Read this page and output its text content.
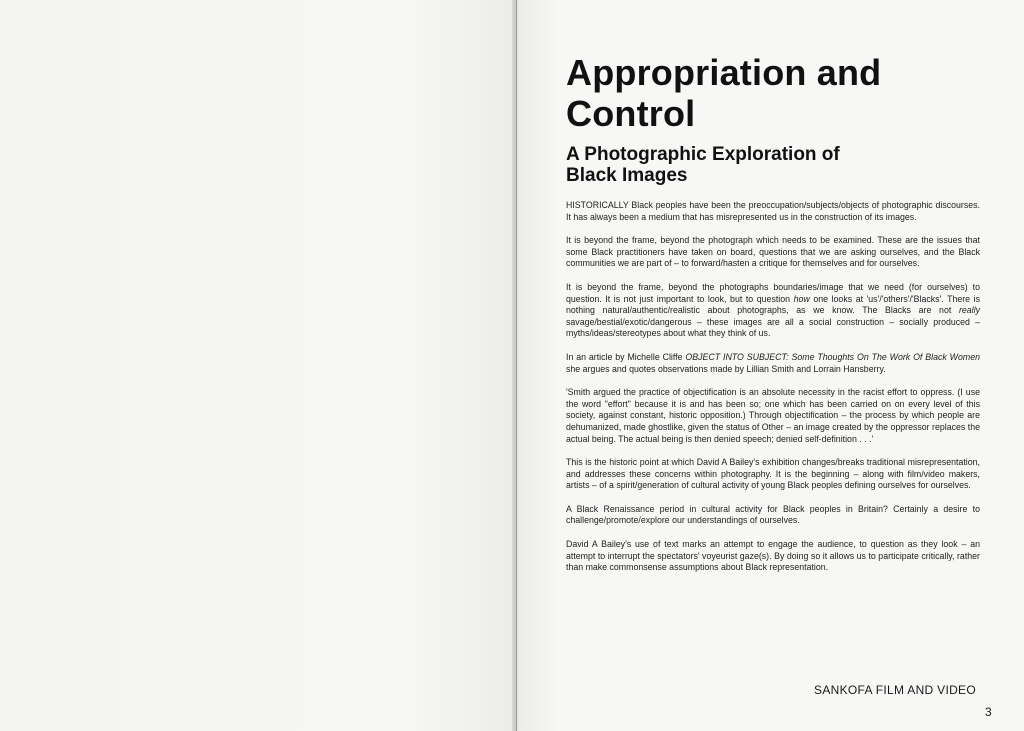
Appropriation and
Control
A Photographic Exploration of
Black Images

HISTORICALLY Black peoples have been the preoccupation/subjects/objects of photographic discourses. It has always been a medium that has misrepresented us in the construction of its images.

It is beyond the frame, beyond the photograph which needs to be examined. These are the issues that some Black practitioners have taken on board, questions that we are asking ourselves, and the Black communities we are part of – to forward/hasten a critique for themselves and for ourselves.

It is beyond the frame, beyond the photographs boundaries/image that we need (for ourselves) to question. It is not just important to look, but to question how one looks at 'us'/'others'/'Blacks'. There is nothing natural/authentic/realistic about photographs, as we know. The Blacks are not really savage/bestial/exotic/dangerous – these images are all a social construction – socially produced – myths/ideas/stereotypes about what they think of us.

In an article by Michelle Cliffe OBJECT INTO SUBJECT: Some Thoughts On The Work Of Black Women she argues and quotes observations made by Lillian Smith and Lorrain Hansberry.

'Smith argued the practice of objectification is an absolute necessity in the racist effort to oppress. (I use the word "effort" because it is and has been so; one which has been carried on on every level of this society, against constant, historic opposition.) Through objectification – the process by which people are dehumanized, made ghostlike, given the status of Other – an image created by the oppressor replaces the actual being. The actual being is then denied speech; denied self-definition . . .'

This is the historic point at which David A Bailey's exhibition changes/breaks traditional misrepresentation, and addresses these concerns within photography. It is the beginning – along with film/video makers, artists – of a spirit/generation of cultural activity of young Black peoples defining ourselves for ourselves.

A Black Renaissance period in cultural activity for Black peoples in Britain? Certainly a desire to challenge/promote/explore our understandings of ourselves.

David A Bailey's use of text marks an attempt to engage the audience, to question as they look – an attempt to interrupt the spectators' voyeurist gaze(s). By doing so it allows us to participate critically, rather than make commonsense assumptions about Black representation.

SANKOFA FILM AND VIDEO
3
